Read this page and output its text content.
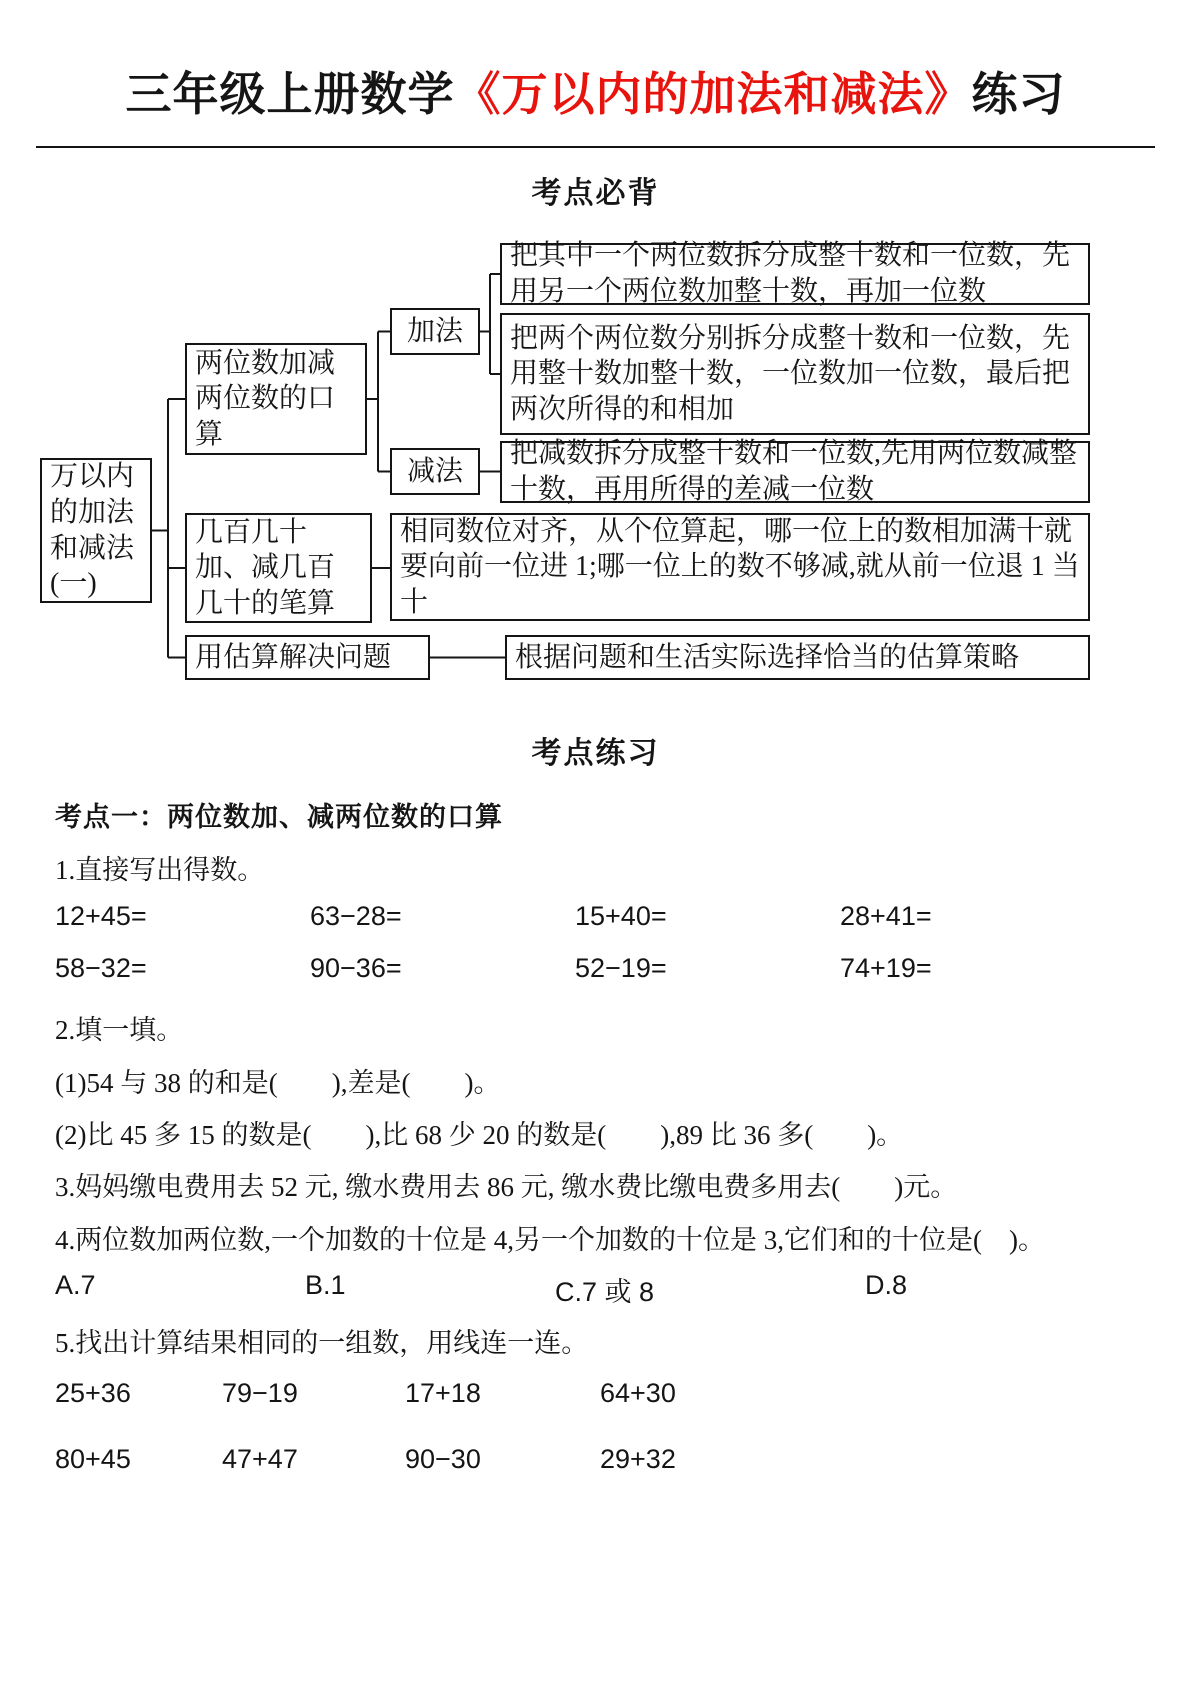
三年级上册数学《万以内的加法和减法》练习
考点必背
万以内的加法和减法(一)
两位数加减两位数的口算
几百几十加、减几百几十的笔算
用估算解决问题
加法
减法
把其中一个两位数拆分成整十数和一位数，先用另一个两位数加整十数，再加一位数
把两个两位数分别拆分成整十数和一位数，先用整十数加整十数，一位数加一位数，最后把两次所得的和相加
把减数拆分成整十数和一位数,先用两位数减整十数，再用所得的差减一位数
相同数位对齐，从个位算起，哪一位上的数相加满十就要向前一位进 1;哪一位上的数不够减,就从前一位退 1 当十
根据问题和生活实际选择恰当的估算策略
考点练习
考点一：两位数加、减两位数的口算
1.直接写出得数。
12+45=	63−28=	15+40=	28+41=
58−32=	90−36=	52−19=	74+19=
2.填一填。
(1)54 与 38 的和是(        ),差是(        )。
(2)比 45 多 15 的数是(        ),比 68 少 20 的数是(        ),89 比 36 多(        )。
3.妈妈缴电费用去 52 元, 缴水费用去 86 元, 缴水费比缴电费多用去(        )元。
4.两位数加两位数,一个加数的十位是 4,另一个加数的十位是 3,它们和的十位是(    )。
A.7	B.1	C.7 或 8	D.8
5.找出计算结果相同的一组数，用线连一连。
25+36	79−19	17+18	64+30
80+45	47+47	90−30	29+32
